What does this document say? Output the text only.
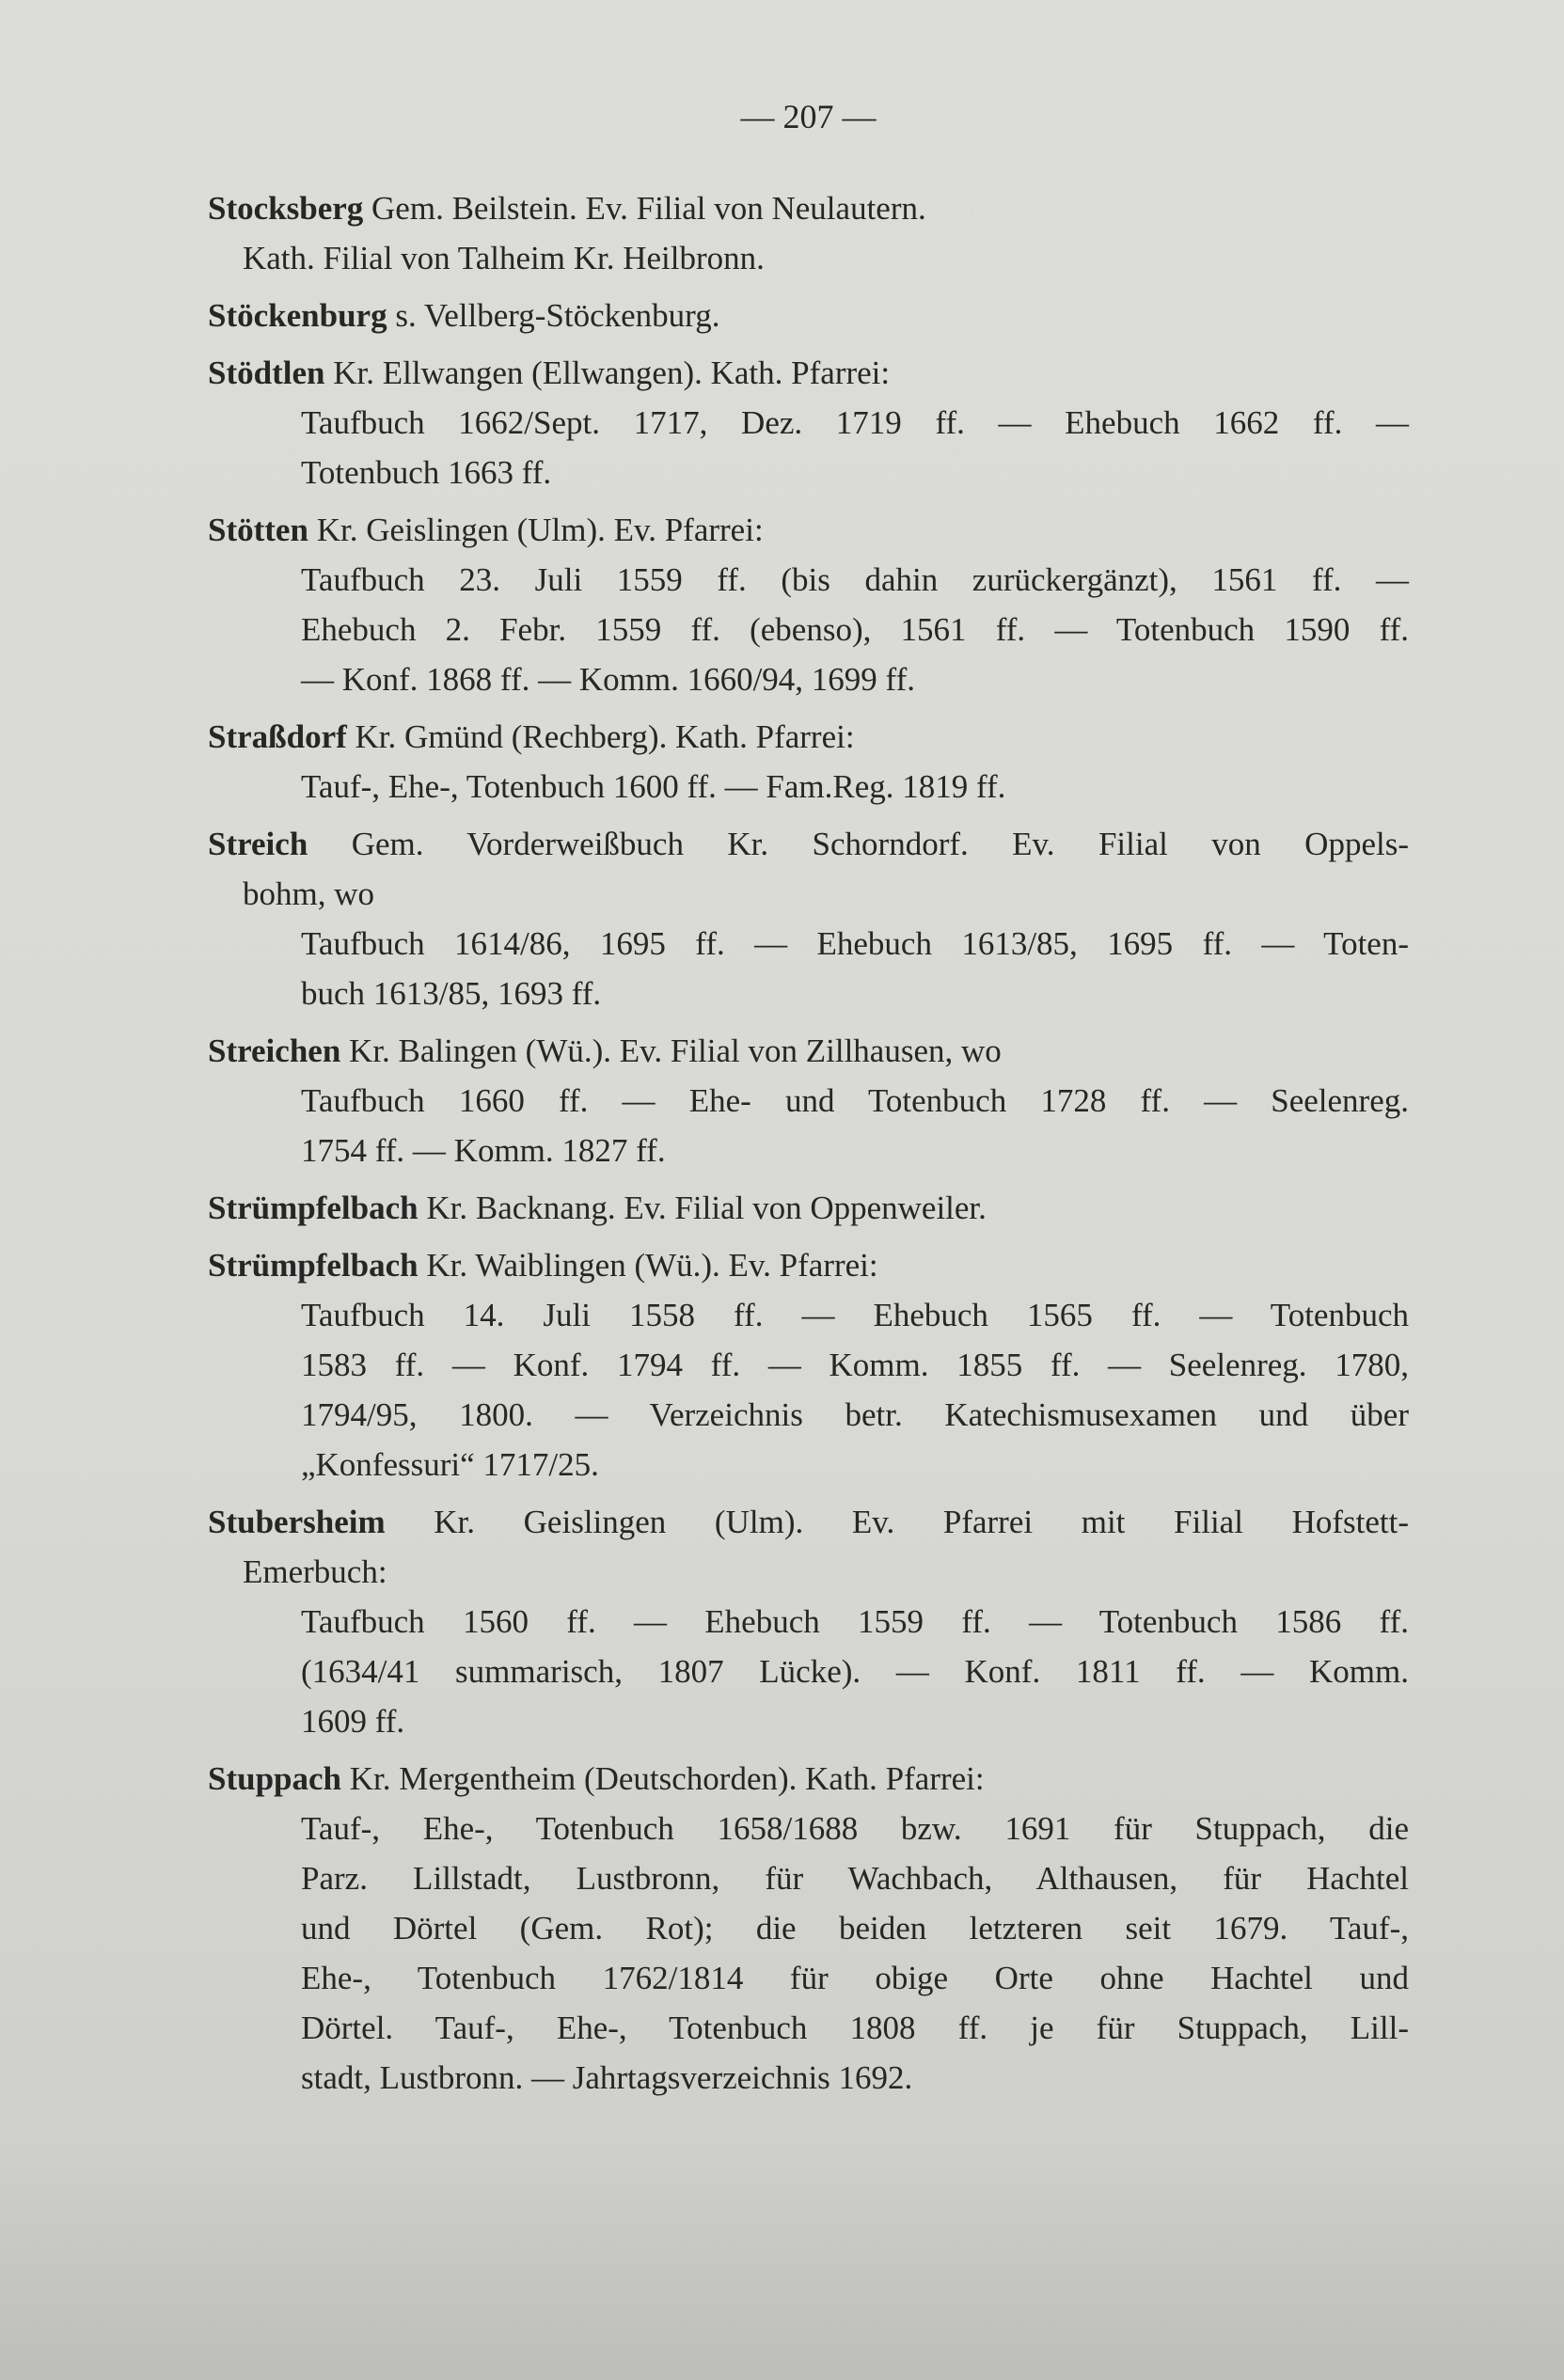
— 207 —
Stocksberg Gem. Beilstein. Ev. Filial von Neulautern.
Kath. Filial von Talheim Kr. Heilbronn.
Stöckenburg s. Vellberg-Stöckenburg.
Stödtlen Kr. Ellwangen (Ellwangen). Kath. Pfarrei:
Taufbuch 1662/Sept. 1717, Dez. 1719 ff. — Ehebuch 1662 ff. —
Totenbuch 1663 ff.
Stötten Kr. Geislingen (Ulm). Ev. Pfarrei:
Taufbuch 23. Juli 1559 ff. (bis dahin zurückergänzt), 1561 ff. —
Ehebuch 2. Febr. 1559 ff. (ebenso), 1561 ff. — Totenbuch 1590 ff.
— Konf. 1868 ff. — Komm. 1660/94, 1699 ff.
Straßdorf Kr. Gmünd (Rechberg). Kath. Pfarrei:
Tauf-, Ehe-, Totenbuch 1600 ff. — Fam.Reg. 1819 ff.
Streich Gem. Vorderweißbuch Kr. Schorndorf. Ev. Filial von Oppels-
bohm, wo
Taufbuch 1614/86, 1695 ff. — Ehebuch 1613/85, 1695 ff. — Toten-
buch 1613/85, 1693 ff.
Streichen Kr. Balingen (Wü.). Ev. Filial von Zillhausen, wo
Taufbuch 1660 ff. — Ehe- und Totenbuch 1728 ff. — Seelenreg.
1754 ff. — Komm. 1827 ff.
Strümpfelbach Kr. Backnang. Ev. Filial von Oppenweiler.
Strümpfelbach Kr. Waiblingen (Wü.). Ev. Pfarrei:
Taufbuch 14. Juli 1558 ff. — Ehebuch 1565 ff. — Totenbuch
1583 ff. — Konf. 1794 ff. — Komm. 1855 ff. — Seelenreg. 1780,
1794/95, 1800. — Verzeichnis betr. Katechismusexamen und über
„Konfessuri“ 1717/25.
Stubersheim Kr. Geislingen (Ulm). Ev. Pfarrei mit Filial Hofstett-
Emerbuch:
Taufbuch 1560 ff. — Ehebuch 1559 ff. — Totenbuch 1586 ff.
(1634/41 summarisch, 1807 Lücke). — Konf. 1811 ff. — Komm.
1609 ff.
Stuppach Kr. Mergentheim (Deutschorden). Kath. Pfarrei:
Tauf-, Ehe-, Totenbuch 1658/1688 bzw. 1691 für Stuppach, die
Parz. Lillstadt, Lustbronn, für Wachbach, Althausen, für Hachtel
und Dörtel (Gem. Rot); die beiden letzteren seit 1679. Tauf-,
Ehe-, Totenbuch 1762/1814 für obige Orte ohne Hachtel und
Dörtel. Tauf-, Ehe-, Totenbuch 1808 ff. je für Stuppach, Lill-
stadt, Lustbronn. — Jahrtagsverzeichnis 1692.
